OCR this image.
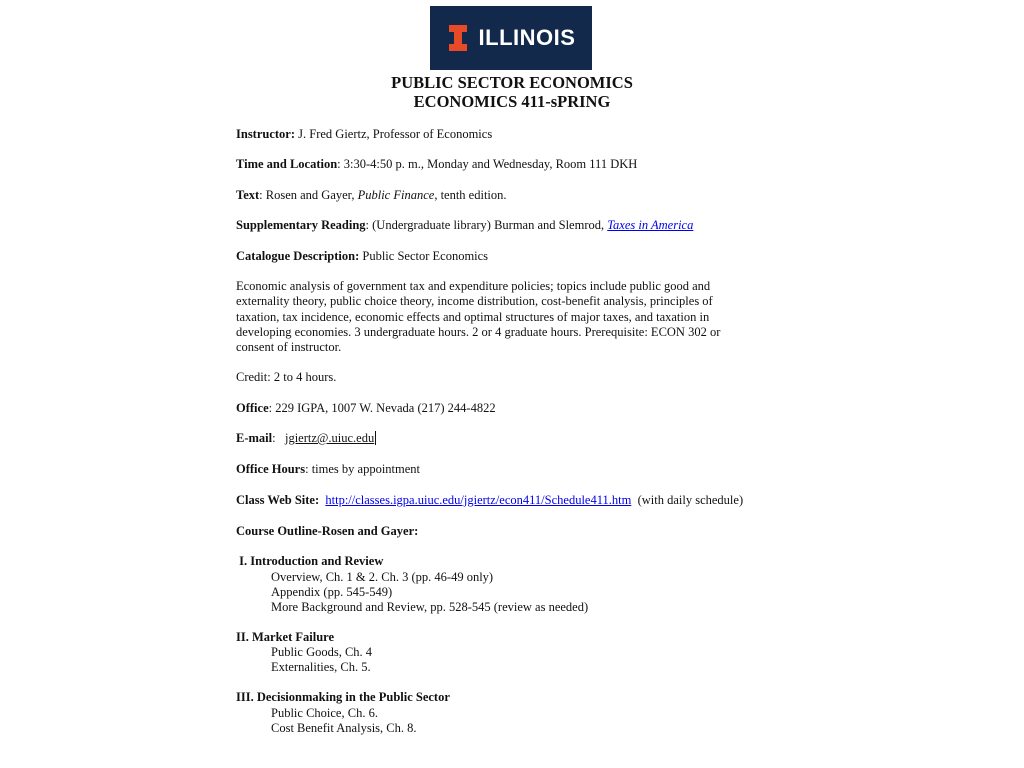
ILLINOIS
PUBLIC SECTOR ECONOMICS
ECONOMICS 411-sPRING
Instructor: J. Fred Giertz, Professor of Economics
Time and Location: 3:30-4:50 p. m., Monday and Wednesday, Room 111 DKH
Text: Rosen and Gayer, Public Finance, tenth edition.
Supplementary Reading: (Undergraduate library) Burman and Slemrod, Taxes in America
Catalogue Description: Public Sector Economics
Economic analysis of government tax and expenditure policies; topics include public good and
externality theory, public choice theory, income distribution, cost-benefit analysis, principles of
taxation, tax incidence, economic effects and optimal structures of major taxes, and taxation in
developing economies. 3 undergraduate hours. 2 or 4 graduate hours. Prerequisite: ECON 302 or
consent of instructor.
Credit: 2 to 4 hours.
Office: 229 IGPA, 1007 W. Nevada (217) 244-4822
E-mail:   jgiertz@.uiuc.edu
Office Hours: times by appointment
Class Web Site: http://classes.igpa.uiuc.edu/jgiertz/econ411/Schedule411.htm  (with daily schedule)
Course Outline-Rosen and Gayer:
I. Introduction and Review
Overview, Ch. 1 & 2. Ch. 3 (pp. 46-49 only)
Appendix (pp. 545-549)
More Background and Review, pp. 528-545 (review as needed)
II. Market Failure
Public Goods, Ch. 4
Externalities, Ch. 5.
III. Decisionmaking in the Public Sector
Public Choice, Ch. 6.
Cost Benefit Analysis, Ch. 8.
